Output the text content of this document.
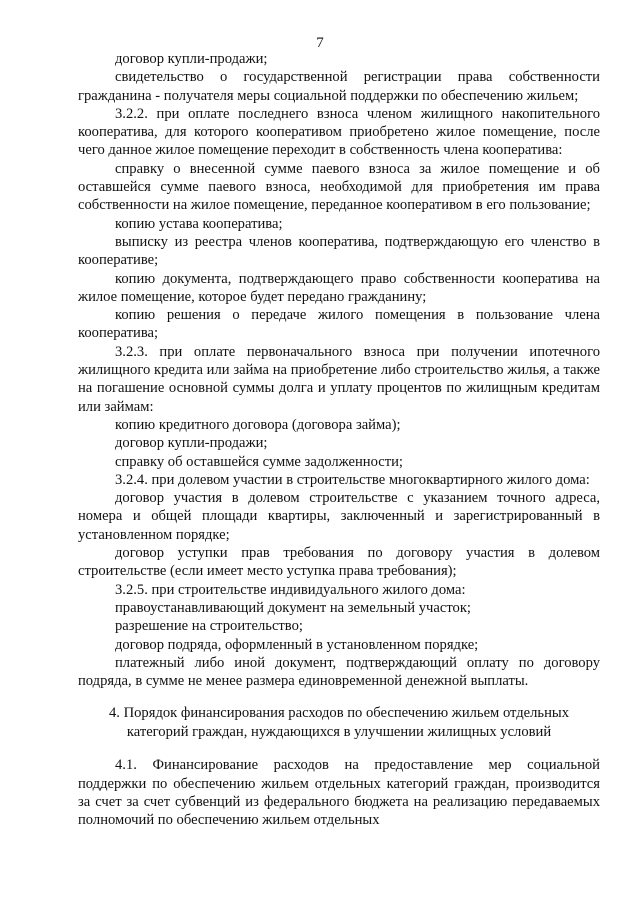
7

договор купли-продажи;

свидетельство о государственной регистрации права собственности гражданина - получателя меры социальной поддержки по обеспечению жильем;

3.2.2. при оплате последнего взноса членом жилищного накопительного кооператива, для которого кооперативом приобретено жилое помещение, после чего данное жилое помещение переходит в собственность члена кооператива:

справку о внесенной сумме паевого взноса за жилое помещение и об оставшейся сумме паевого взноса, необходимой для приобретения им права собственности на жилое помещение, переданное кооперативом в его пользование;

копию устава кооператива;

выписку из реестра членов кооператива, подтверждающую его членство в кооперативе;

копию документа, подтверждающего право собственности кооператива на жилое помещение, которое будет передано гражданину;

копию решения о передаче жилого помещения в пользование члена кооператива;

3.2.3. при оплате первоначального взноса при получении ипотечного жилищного кредита или займа на приобретение либо строительство жилья, а также на погашение основной суммы долга и уплату процентов по жилищным кредитам или займам:

копию кредитного договора (договора займа);

договор купли-продажи;

справку об оставшейся сумме задолженности;

3.2.4. при долевом участии в строительстве многоквартирного жилого дома:

договор участия в долевом строительстве с указанием точного адреса, номера и общей площади квартиры, заключенный и зарегистрированный в установленном порядке;

договор уступки прав требования по договору участия в долевом строительстве (если имеет место уступка права требования);

3.2.5. при строительстве индивидуального жилого дома:

правоустанавливающий документ на земельный участок;

разрешение на строительство;

договор подряда, оформленный в установленном порядке;

платежный либо иной документ, подтверждающий оплату по договору подряда, в сумме не менее размера единовременной денежной выплаты.

4. Порядок финансирования расходов по обеспечению жильем отдельных категорий граждан, нуждающихся в улучшении жилищных условий

4.1. Финансирование расходов на предоставление мер социальной поддержки по обеспечению жильем отдельных категорий граждан, производится за счет за счет субвенций из федерального бюджета на реализацию передаваемых полномочий по обеспечению жильем отдельных
